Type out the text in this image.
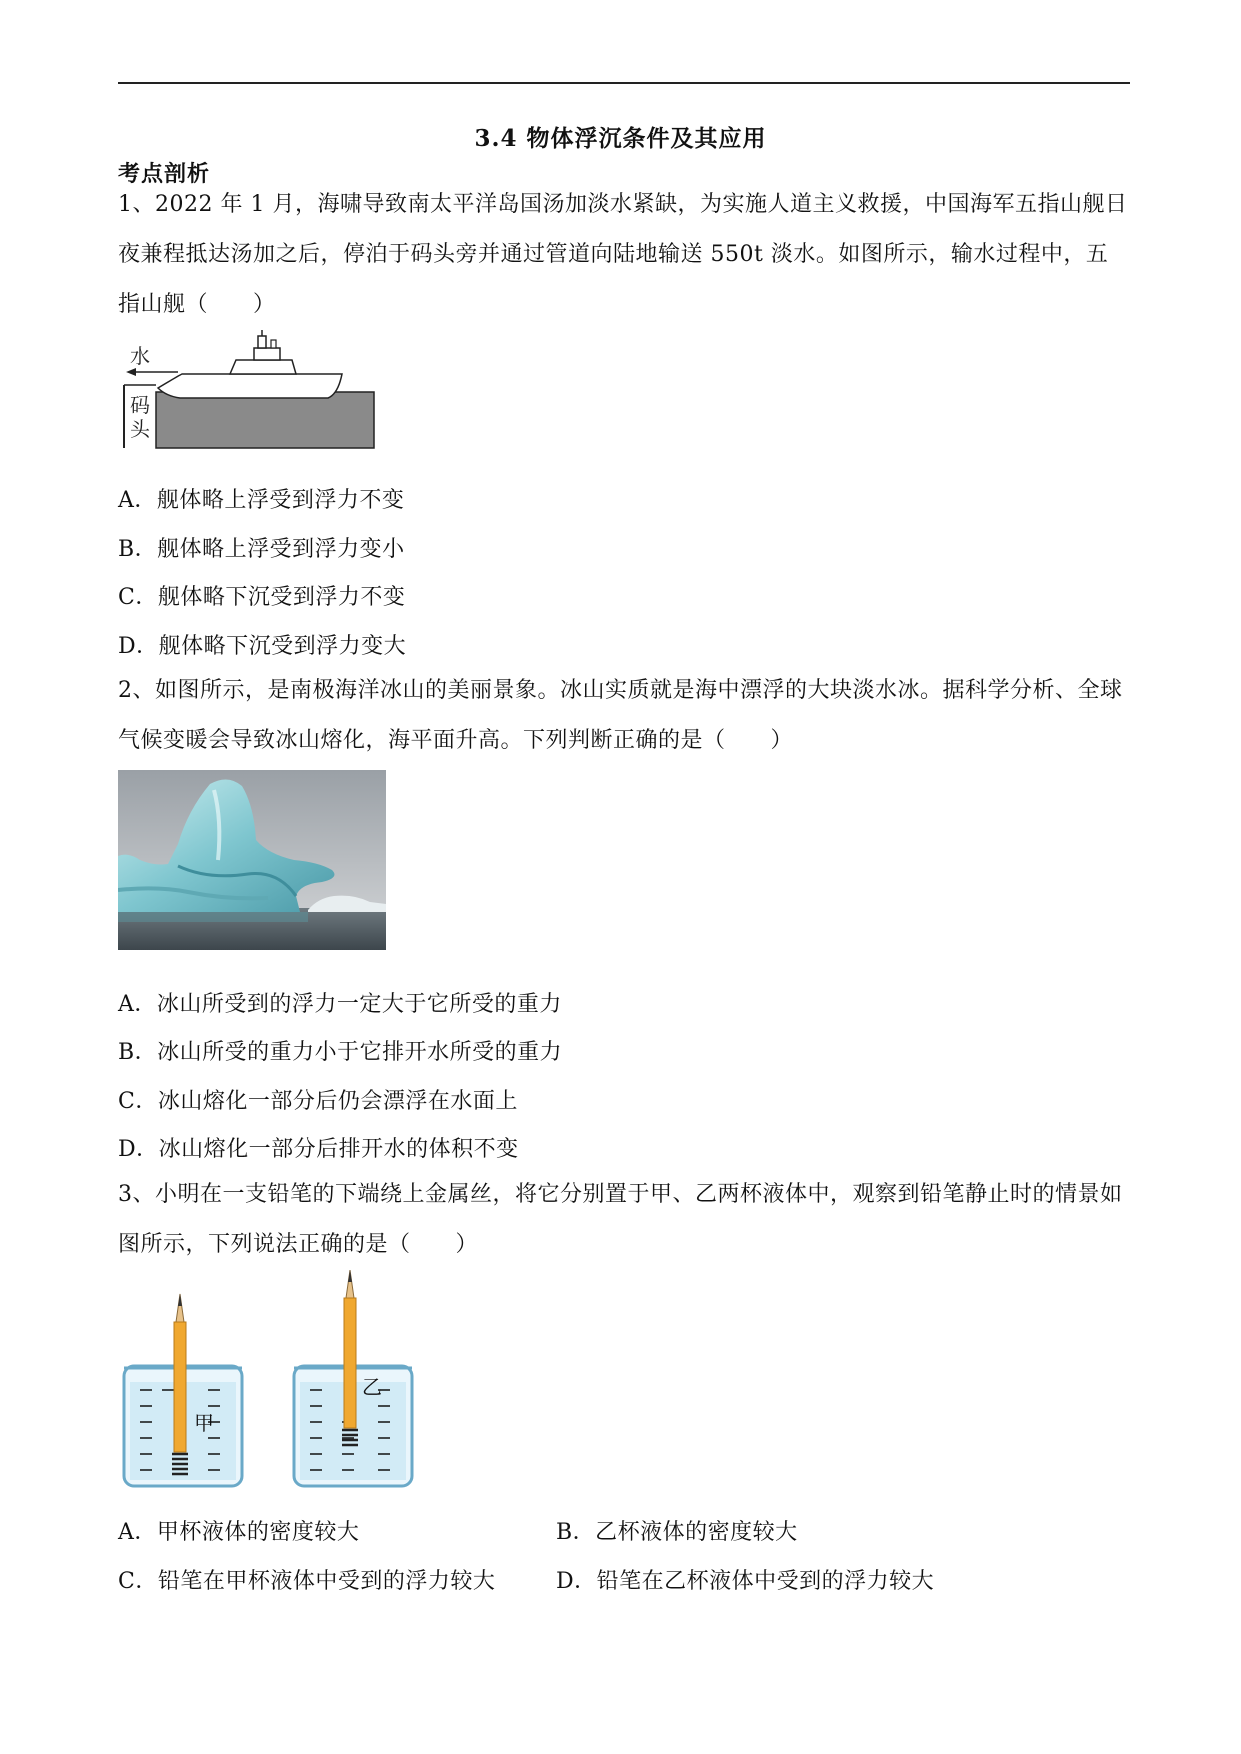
3.4 物体浮沉条件及其应用
考点剖析
1、2022 年 1 月，海啸导致南太平洋岛国汤加淡水紧缺，为实施人道主义救援，中国海军五指山舰日夜兼程抵达汤加之后，停泊于码头旁并通过管道向陆地输送 550t 淡水。如图所示，输水过程中，五指山舰（　　）
水
码
头
A．舰体略上浮受到浮力不变
B．舰体略上浮受到浮力变小
C．舰体略下沉受到浮力不变
D．舰体略下沉受到浮力变大
2、如图所示，是南极海洋冰山的美丽景象。冰山实质就是海中漂浮的大块淡水冰。据科学分析、全球气候变暖会导致冰山熔化，海平面升高。下列判断正确的是（　　）
A．冰山所受到的浮力一定大于它所受的重力
B．冰山所受的重力小于它排开水所受的重力
C．冰山熔化一部分后仍会漂浮在水面上
D．冰山熔化一部分后排开水的体积不变
3、小明在一支铅笔的下端绕上金属丝，将它分别置于甲、乙两杯液体中，观察到铅笔静止时的情景如图所示，下列说法正确的是（　　）
甲
乙
A．甲杯液体的密度较大	B．乙杯液体的密度较大
C．铅笔在甲杯液体中受到的浮力较大	D．铅笔在乙杯液体中受到的浮力较大
